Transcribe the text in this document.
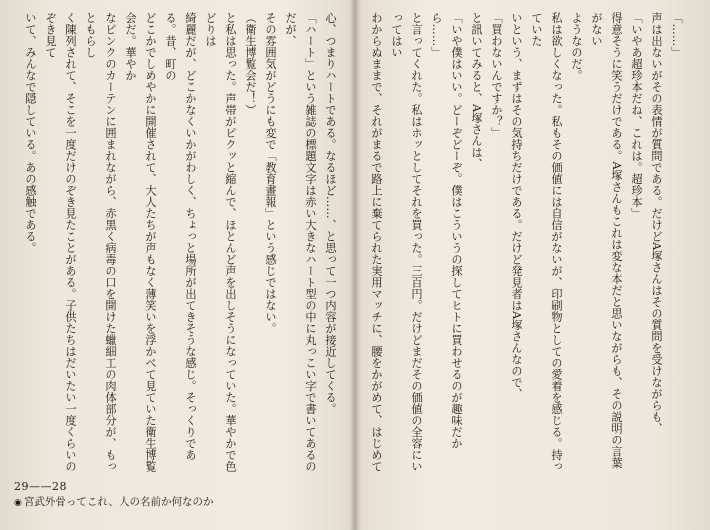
心、つまりハートである。なるほど……、と思って一つ内容が接近してくる。

「ハート」という雑誌の標題文字は赤い大きなハート型の中に丸っこい字で書いてあるのだが、

その雰囲気がどうにも変で「教育畫報」という感じではない。

（衛生博覧会だ！）

と私は思った。声帯がピクッと縮んで、ほとんど声を出しそうになっていた。華やかで色どりは

綺麗だが、どこかなくいかがわしく、ちょっと場所が出てきそうな感じ。そっくりである。昔、町の

どこかでしめやかに開催されて、大人たちが声もなく薄笑いを浮かべて見ていた衛生博覧会だ。華やか

なピンクのカーテンに囲まれながら、赤黒く病毒の口を開けた蠟細工の肉体部分が、もっともらし

く陳列されて、そこを一度だけのぞき見たことがある。子供たちはだいたい一度くらいのぞき見て

いて、みんなで隠している。あの感触である。

29——28
◉ 宮武外骨ってこれ、人の名前か何なのか

「……」

声は出ないがその表情が質問である。だけどA塚さんはその質問を受けながらも、

「いやあ超珍本だね、これは。超珍本」

得意そうに笑うだけである。A塚さんもこれは変な本だと思いながらも、その説明の言葉がない

ようなのだ。

私は欲しくなった。私もその価値には自信がないが、印刷物としての愛着を感じる。持っていた

いという、まずはその気持ちだけである。だけど発見者はA塚さんなので、

「買わないんですか？」

と訊いてみると、A塚さんは、

「いや僕はいい。どーぞどーぞ。僕はこういうの探してヒトに買わせるのが趣味だから……」

と言ってくれた。私はホッとしてそれを買った。三百円。だけどまだその価値の全容にいってはい

わからぬままで、それがまるで路上に棄てられた実用マッチに、腰をかがめて、はじめて
